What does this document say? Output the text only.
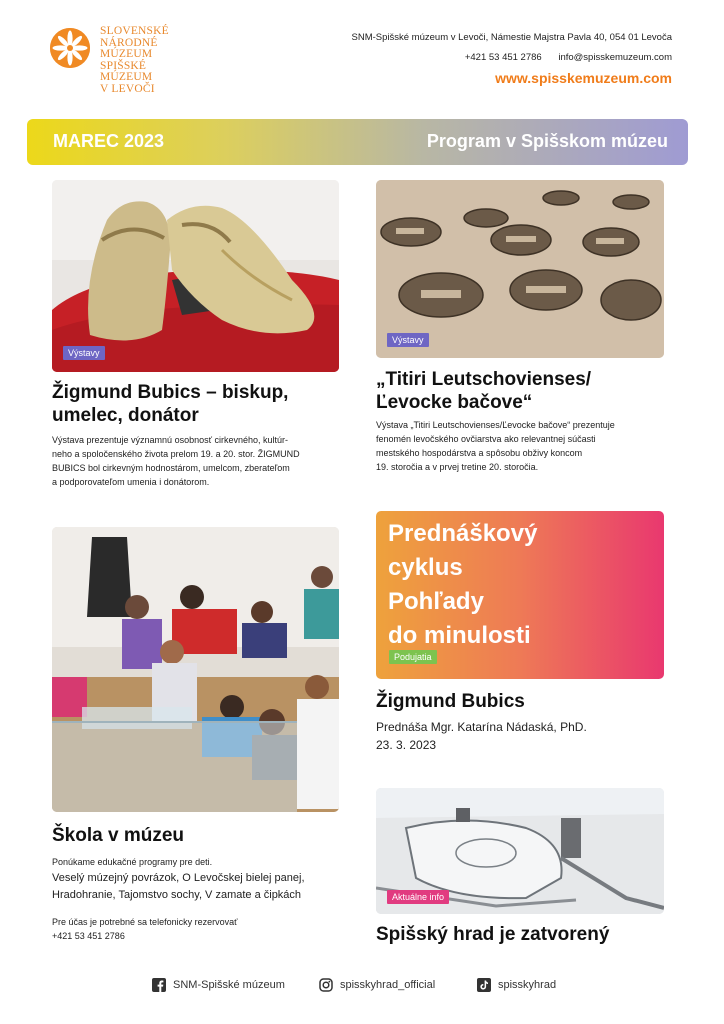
SLOVENSKÉ
NÁRODNÉ
MÚZEUM
SPIŠSKÉ
MÚZEUM
V LEVOČI
SNM-Spišské múzeum v Levoči, Námestie Majstra Pavla 40, 054 01 Levoča
+421 53 451 2786 info@spisskemuzeum.com
www.spisskemuzeum.com
MAREC 2023	Program v Spišskom múzeu
Výstavy
Žigmund Bubics – biskup,
umelec, donátor
Výstava prezentuje významnú osobnosť cirkevného, kultúr-
neho a spoločenského života prelom 19. a 20. stor. ŽIGMUND
BUBICS bol cirkevným hodnostárom, umelcom, zberateľom
a podporovateľom umenia i donátorom.
Výstavy
„Titiri Leutschovienses/
Ľevocke bačove“
Výstava „Titiri Leutschovienses/Ľevocke bačove“ prezentuje
fenomén levočského ovčiarstva ako relevantnej súčasti
mestského hospodárstva a spôsobu obživy koncom
19. storočia a v prvej tretine 20. storočia.
Škola v múzeu
Ponúkame edukačné programy pre deti.
Veselý múzejný povrázok, O Levočskej bielej panej,
Hradohranie, Tajomstvo sochy, V zamate a čipkách
Pre účas je potrebné sa telefonicky rezervovať
+421 53 451 2786
Prednáškový
cyklus
Pohľady
do minulosti
Podujatia
Žigmund Bubics
Prednáša Mgr. Katarína Nádaská, PhD.
23. 3. 2023
Aktuálne info
Spišský hrad je zatvorený
SNM-Spišské múzeum	spisskyhrad_official	spisskyhrad
